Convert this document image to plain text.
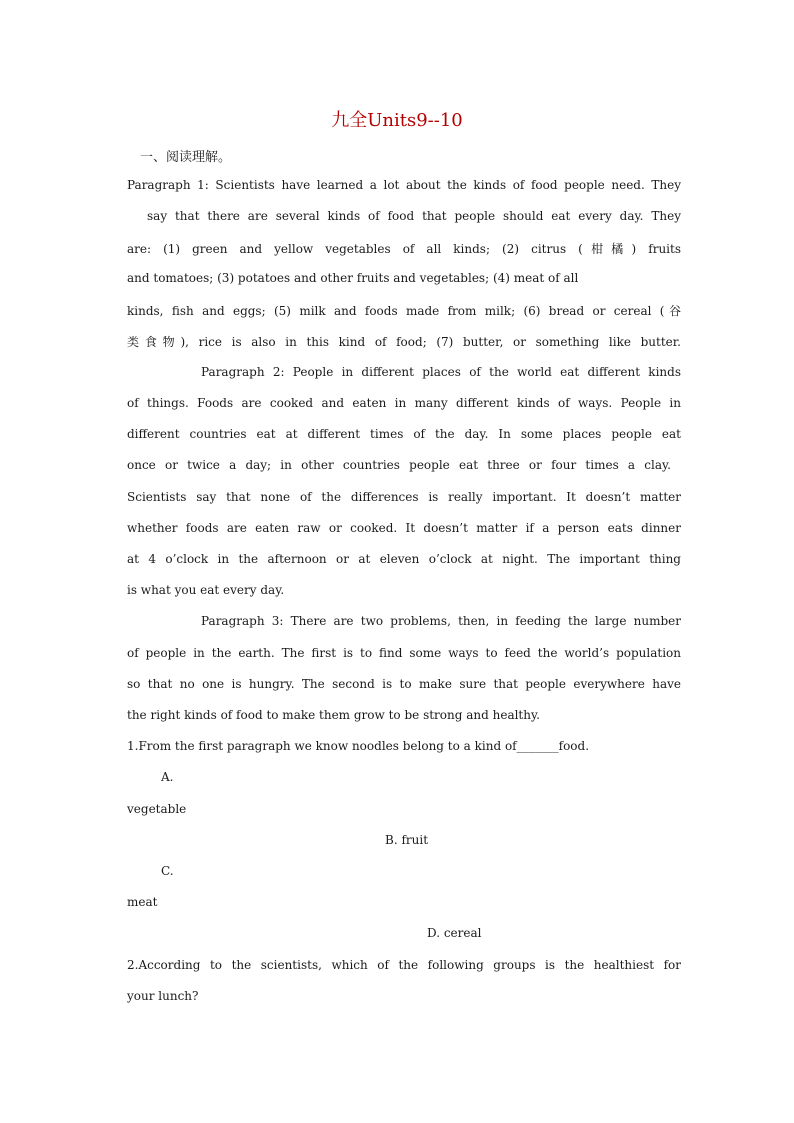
九全Units9--10
一、阅读理解。
Paragraph 1: Scientists have learned a lot about the kinds of food people need. They
say that there are several kinds of food that people should eat every day. They
are: (1) green and yellow vegetables of all kinds; (2) citrus (柑橘) fruits
and tomatoes; (3) potatoes and other fruits and vegetables; (4) meat of all
kinds, fish and eggs; (5) milk and foods made from milk; (6) bread or cereal (谷
类食物), rice is also in this kind of food; (7) butter, or something like butter.
Paragraph 2: People in different places of the world eat different kinds
of things. Foods are cooked and eaten in many different kinds of ways. People in
different countries eat at different times of the day. In some places people eat
once or twice a day; in other countries people eat three or four times a clay.
Scientists say that none of the differences is really important. It doesn’t matter
whether foods are eaten raw or cooked. It doesn’t matter if a person eats dinner
at 4 o’clock in the afternoon or at eleven o’clock at night. The important thing
is what you eat every day.
Paragraph 3: There are two problems, then, in feeding the large number
of people in the earth. The first is to find some ways to feed the world’s population
so that no one is hungry. The second is to make sure that people everywhere have
the right kinds of food to make them grow to be strong and healthy.
1.From the first paragraph we know noodles belong to a kind of_______food.
A.
vegetable
B. fruit
C.
meat
D. cereal
2.According to the scientists, which of the following groups is the healthiest for
your lunch?
